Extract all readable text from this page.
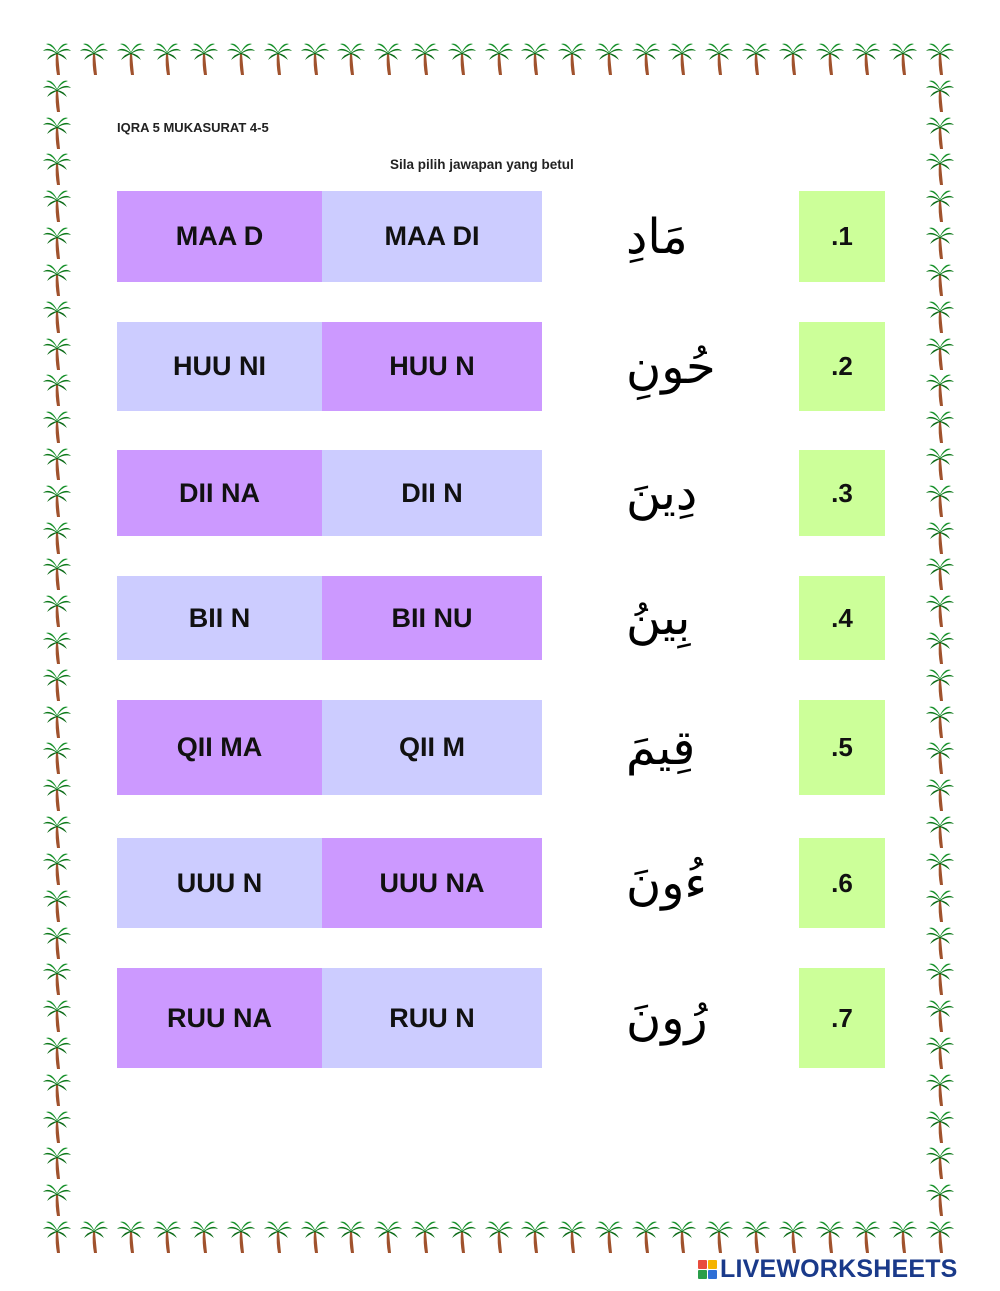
IQRA 5 MUKASURAT 4-5
Sila pilih jawapan yang betul
MAA D	MAA DI	مَادِ	.1
HUU NI	HUU N	حُونِ	.2
DII NA	DII N	دِينَ	.3
BII N	BII NU	بِينُ	.4
QII MA	QII M	قِيمَ	.5
UUU N	UUU NA	ءُونَ	.6
RUU NA	RUU N	رُونَ	.7
LIVEWORKSHEETS
